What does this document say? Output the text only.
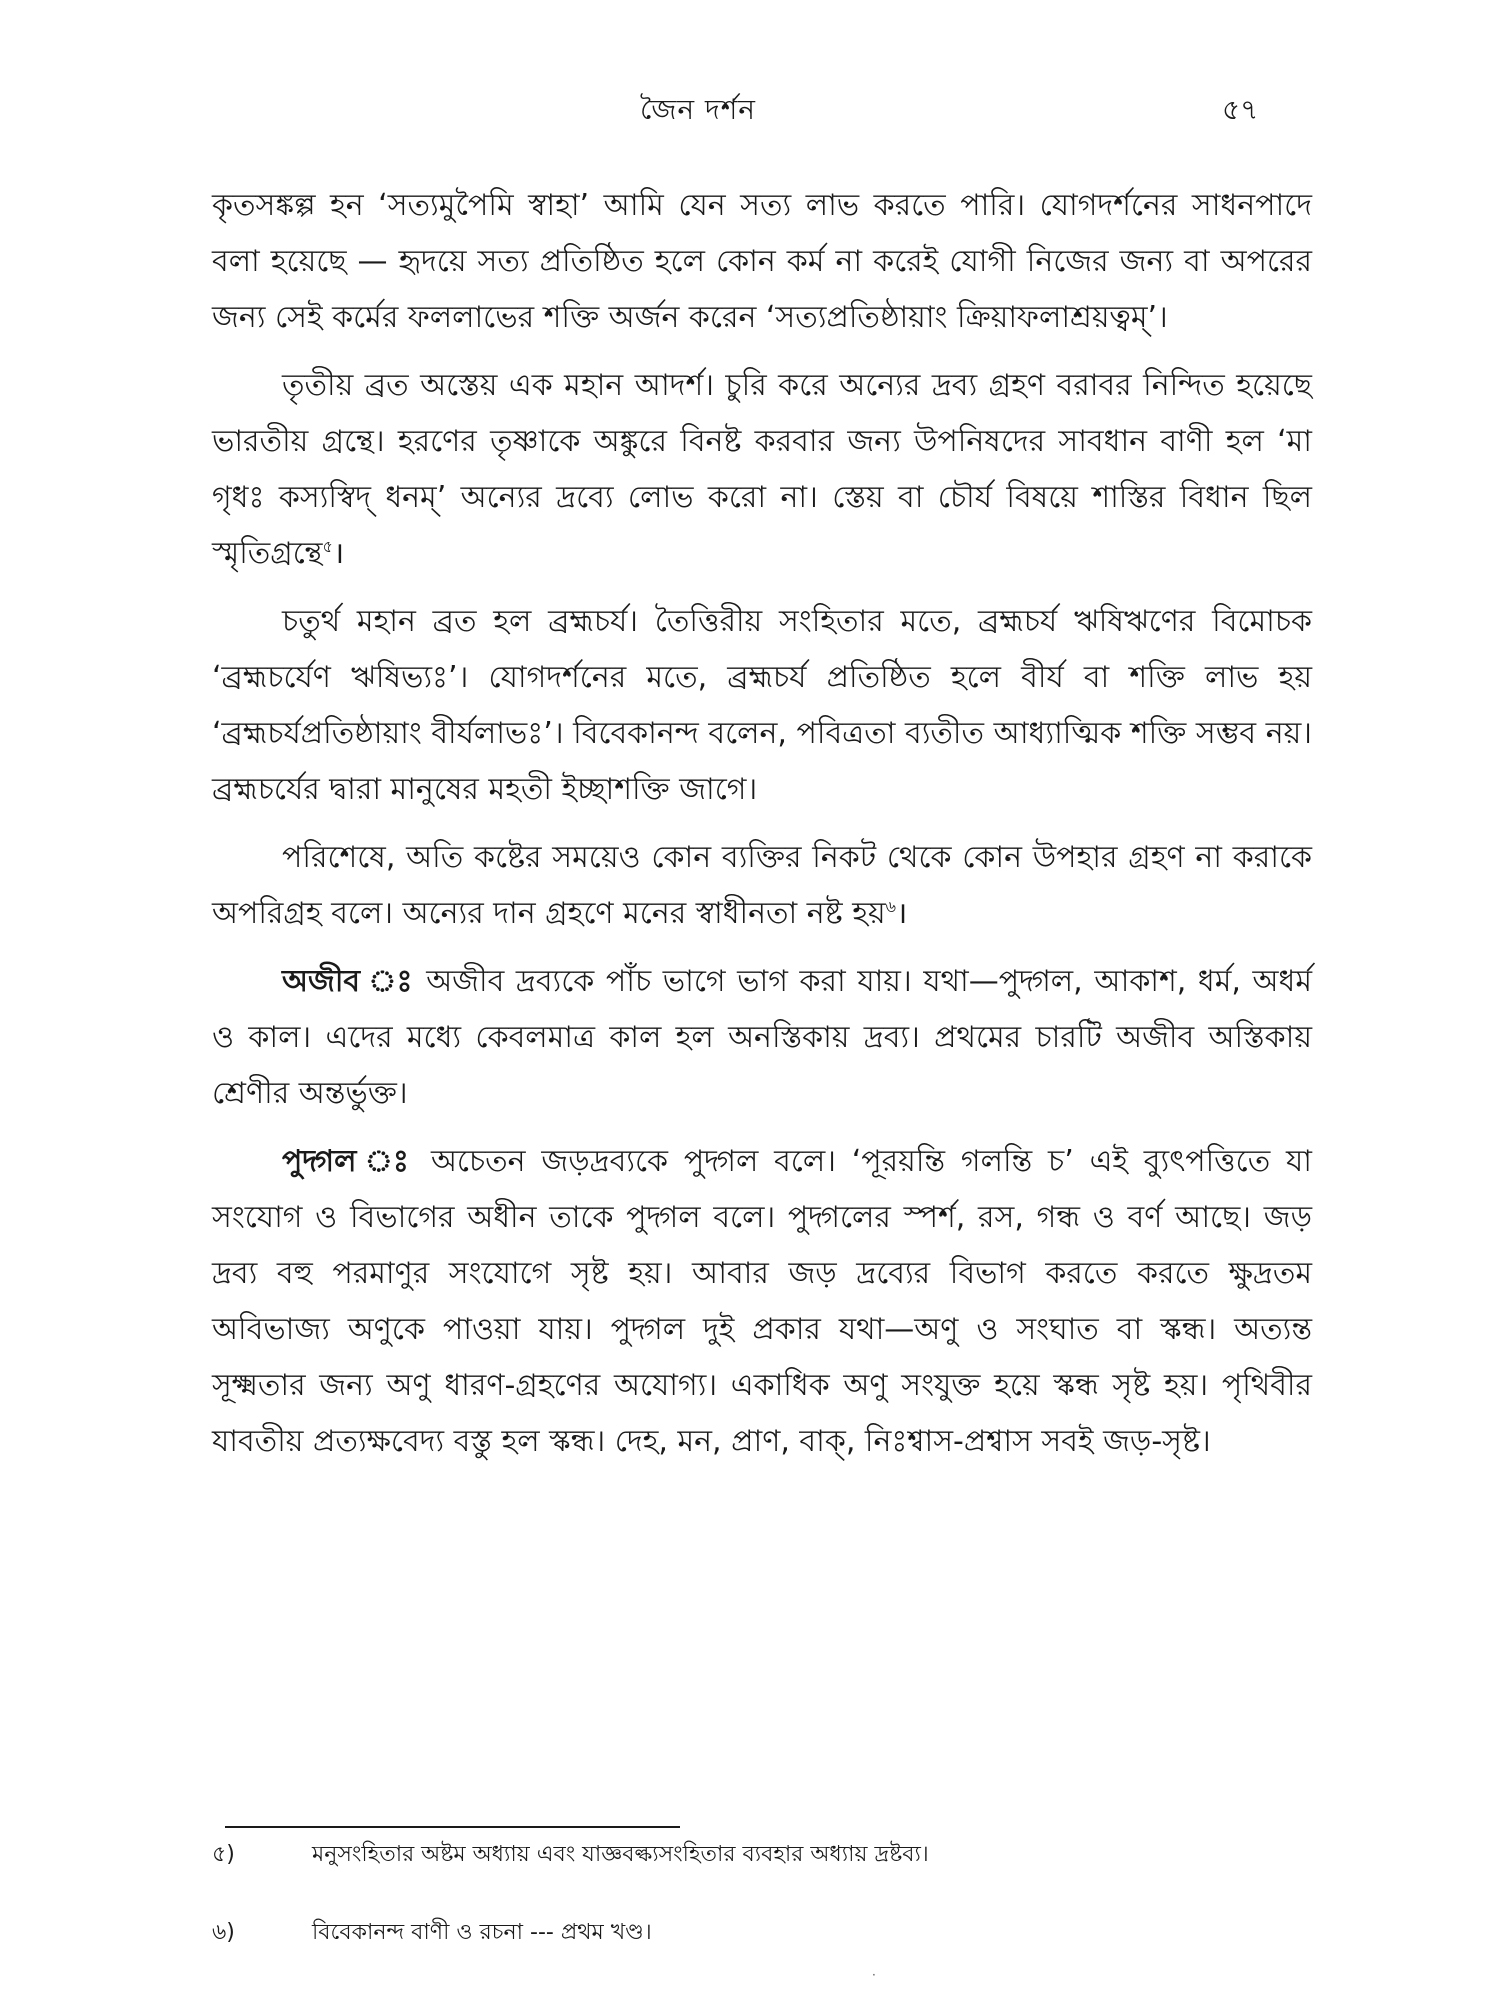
জৈন দর্শন	৫৭

কৃতসঙ্কল্প হন ‘সত্যমুপৈমি স্বাহা’ আমি যেন সত্য লাভ করতে পারি। যোগদর্শনের সাধনপাদে বলা হয়েছে — হৃদয়ে সত্য প্রতিষ্ঠিত হলে কোন কর্ম না করেই যোগী নিজের জন্য বা অপরের জন্য সেই কর্মের ফললাভের শক্তি অর্জন করেন ‘সত্যপ্রতিষ্ঠায়াং ক্রিয়াফলাশ্রয়ত্বম্’।

তৃতীয় ব্রত অস্তেয় এক মহান আদর্শ। চুরি করে অন্যের দ্রব্য গ্রহণ বরাবর নিন্দিত হয়েছে ভারতীয় গ্রন্থে। হরণের তৃষ্ণাকে অঙ্কুরে বিনষ্ট করবার জন্য উপনিষদের সাবধান বাণী হল ‘মা গৃধঃ কস্যস্বিদ্ ধনম্’ অন্যের দ্রব্যে লোভ করো না। স্তেয় বা চৌর্য বিষয়ে শাস্তির বিধান ছিল স্মৃতিগ্রন্থে$^৫$।

চতুর্থ মহান ব্রত হল ব্রহ্মচর্য। তৈত্তিরীয় সংহিতার মতে, ব্রহ্মচর্য ঋষিঋণের বিমোচক ‘ব্রহ্মচর্যেণ ঋষিভ্যঃ’। যোগদর্শনের মতে, ব্রহ্মচর্য প্রতিষ্ঠিত হলে বীর্য বা শক্তি লাভ হয় ‘ব্রহ্মচর্যপ্রতিষ্ঠায়াং বীর্যলাভঃ’। বিবেকানন্দ বলেন, পবিত্রতা ব্যতীত আধ্যাত্মিক শক্তি সম্ভব নয়। ব্রহ্মচর্যের দ্বারা মানুষের মহতী ইচ্ছাশক্তি জাগে।

পরিশেষে, অতি কষ্টের সময়েও কোন ব্যক্তির নিকট থেকে কোন উপহার গ্রহণ না করাকে অপরিগ্রহ বলে। অন্যের দান গ্রহণে মনের স্বাধীনতা নষ্ট হয়$^৬$।

অজীব ঃ অজীব দ্রব্যকে পাঁচ ভাগে ভাগ করা যায়। যথা—পুদ্গল, আকাশ, ধর্ম, অধর্ম ও কাল। এদের মধ্যে কেবলমাত্র কাল হল অনস্তিকায় দ্রব্য। প্রথমের চারটি অজীব অস্তিকায় শ্রেণীর অন্তর্ভুক্ত।

পুদ্গল ঃ অচেতন জড়দ্রব্যকে পুদ্গল বলে। ‘পূরয়ন্তি গলন্তি চ’ এই ব্যুৎপত্তিতে যা সংযোগ ও বিভাগের অধীন তাকে পুদ্গল বলে। পুদ্গলের স্পর্শ, রস, গন্ধ ও বর্ণ আছে। জড় দ্রব্য বহু পরমাণুর সংযোগে সৃষ্ট হয়। আবার জড় দ্রব্যের বিভাগ করতে করতে ক্ষুদ্রতম অবিভাজ্য অণুকে পাওয়া যায়। পুদ্গল দুই প্রকার যথা—অণু ও সংঘাত বা স্কন্ধ। অত্যন্ত সূক্ষ্মতার জন্য অণু ধারণ-গ্রহণের অযোগ্য। একাধিক অণু সংযুক্ত হয়ে স্কন্ধ সৃষ্ট হয়। পৃথিবীর যাবতীয় প্রত্যক্ষবেদ্য বস্তু হল স্কন্ধ। দেহ, মন, প্রাণ, বাক্, নিঃশ্বাস-প্রশ্বাস সবই জড়-সৃষ্ট।

৫)	মনুসংহিতার অষ্টম অধ্যায় এবং যাজ্ঞবল্ক্যসংহিতার ব্যবহার অধ্যায় দ্রষ্টব্য।
৬)	বিবেকানন্দ বাণী ও রচনা --- প্রথম খণ্ড।
·
